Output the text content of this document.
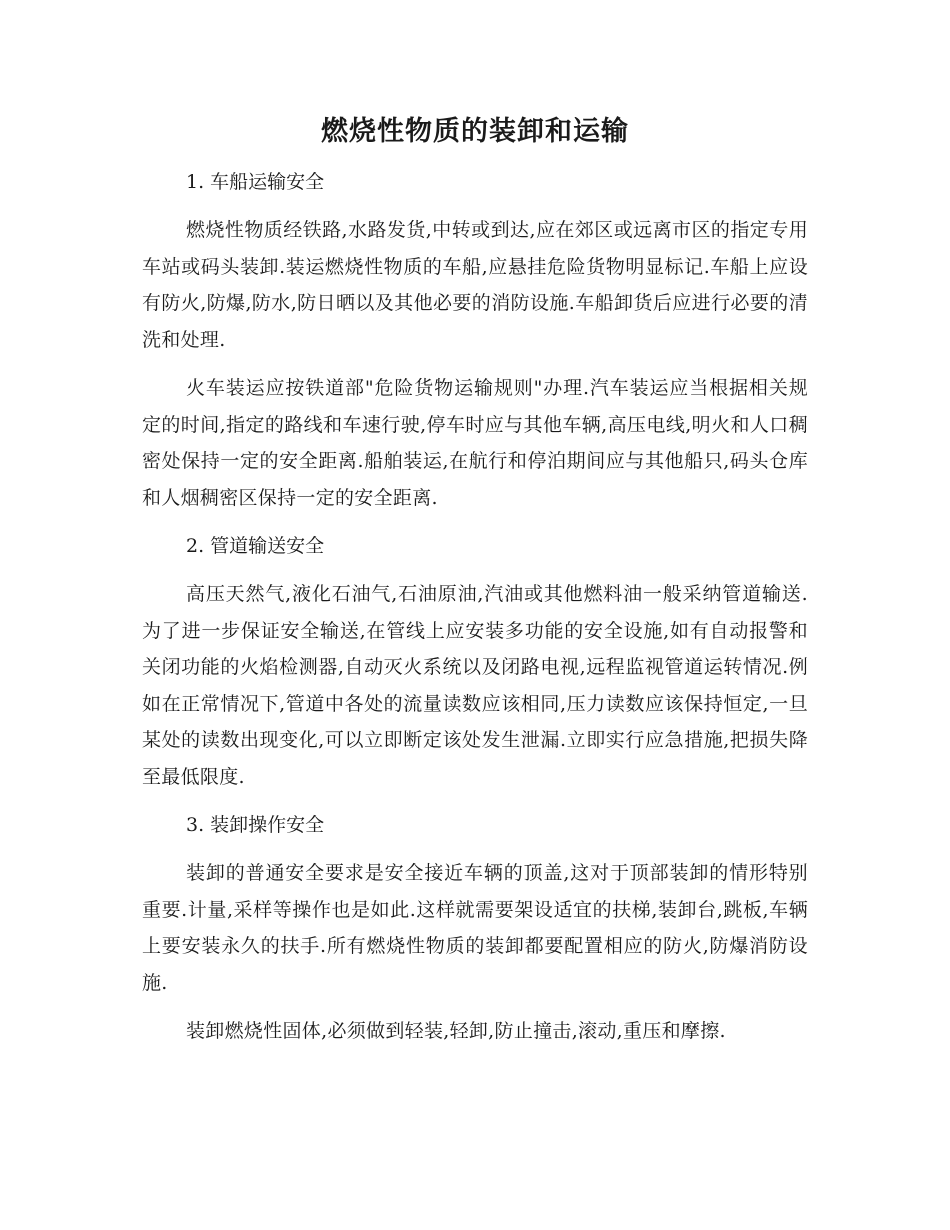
燃烧性物质的装卸和运输

1. 车船运输安全

燃烧性物质经铁路,水路发货,中转或到达,应在郊区或远离市区的指定专用车站或码头装卸.装运燃烧性物质的车船,应悬挂危险货物明显标记.车船上应设有防火,防爆,防水,防日晒以及其他必要的消防设施.车船卸货后应进行必要的清洗和处理.

火车装运应按铁道部"危险货物运输规则"办理.汽车装运应当根据相关规定的时间,指定的路线和车速行驶,停车时应与其他车辆,高压电线,明火和人口稠密处保持一定的安全距离.船舶装运,在航行和停泊期间应与其他船只,码头仓库和人烟稠密区保持一定的安全距离.

2. 管道输送安全

高压天然气,液化石油气,石油原油,汽油或其他燃料油一般采纳管道输送.为了进一步保证安全输送,在管线上应安装多功能的安全设施,如有自动报警和关闭功能的火焰检测器,自动灭火系统以及闭路电视,远程监视管道运转情况.例如在正常情况下,管道中各处的流量读数应该相同,压力读数应该保持恒定,一旦某处的读数出现变化,可以立即断定该处发生泄漏.立即实行应急措施,把损失降至最低限度.

3. 装卸操作安全

装卸的普通安全要求是安全接近车辆的顶盖,这对于顶部装卸的情形特别重要.计量,采样等操作也是如此.这样就需要架设适宜的扶梯,装卸台,跳板,车辆上要安装永久的扶手.所有燃烧性物质的装卸都要配置相应的防火,防爆消防设施.

装卸燃烧性固体,必须做到轻装,轻卸,防止撞击,滚动,重压和摩擦.
